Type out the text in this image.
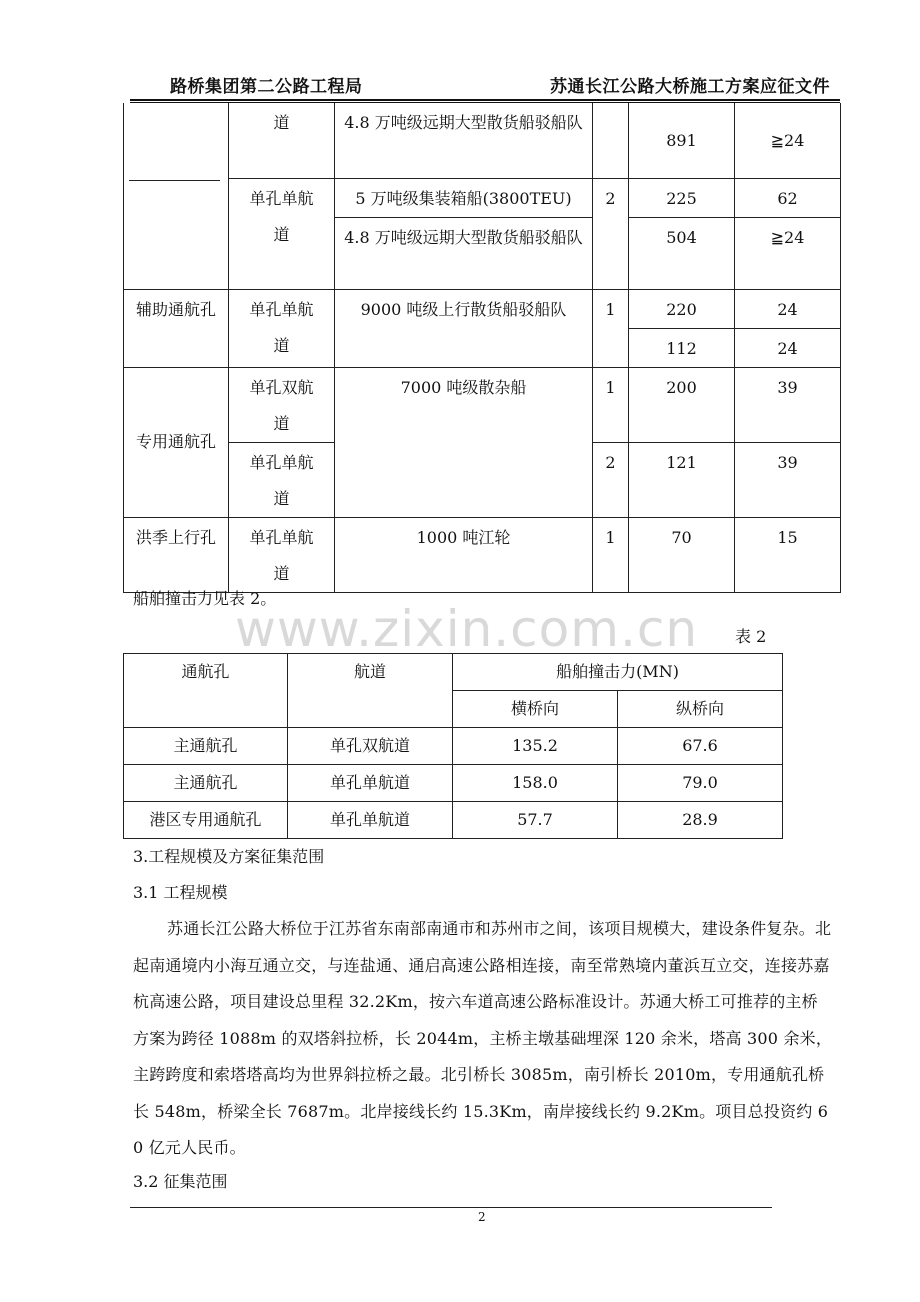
路桥集团第二公路工程局	苏通长江公路大桥施工方案应征文件
	道	4.8 万吨级远期大型散货船驳船队		891	≧24
	单孔单航道	5 万吨级集装箱船(3800TEU)	2	225	62
		4.8 万吨级远期大型散货船驳船队		504	≧24
辅助通航孔	单孔单航道	9000 吨级上行散货船驳船队	1	220	24
				112	24
专用通航孔	单孔双航道	7000 吨级散杂船	1	200	39
	单孔单航道		2	121	39
洪季上行孔	单孔单航道	1000 吨江轮	1	70	15
船舶撞击力见表 2。
www.zixin.com.cn 表 2
通航孔	航道	船舶撞击力(MN)	
		横桥向	纵桥向
主通航孔	单孔双航道	135.2	67.6
主通航孔	单孔单航道	158.0	79.0
港区专用通航孔	单孔单航道	57.7	28.9
3.工程规模及方案征集范围
3.1 工程规模
苏通长江公路大桥位于江苏省东南部南通市和苏州市之间，该项目规模大，建设条件复杂。北起南通境内小海互通立交，与连盐通、通启高速公路相连接，南至常熟境内董浜互立交，连接苏嘉杭高速公路，项目建设总里程 32.2Km，按六车道高速公路标准设计。苏通大桥工可推荐的主桥方案为跨径 1088m 的双塔斜拉桥，长 2044m，主桥主墩基础埋深 120 余米，塔高 300 余米，主跨跨度和索塔塔高均为世界斜拉桥之最。北引桥长 3085m，南引桥长 2010m，专用通航孔桥长 548m，桥梁全长 7687m。北岸接线长约 15.3Km，南岸接线长约 9.2Km。项目总投资约 60 亿元人民币。
3.2 征集范围
2
